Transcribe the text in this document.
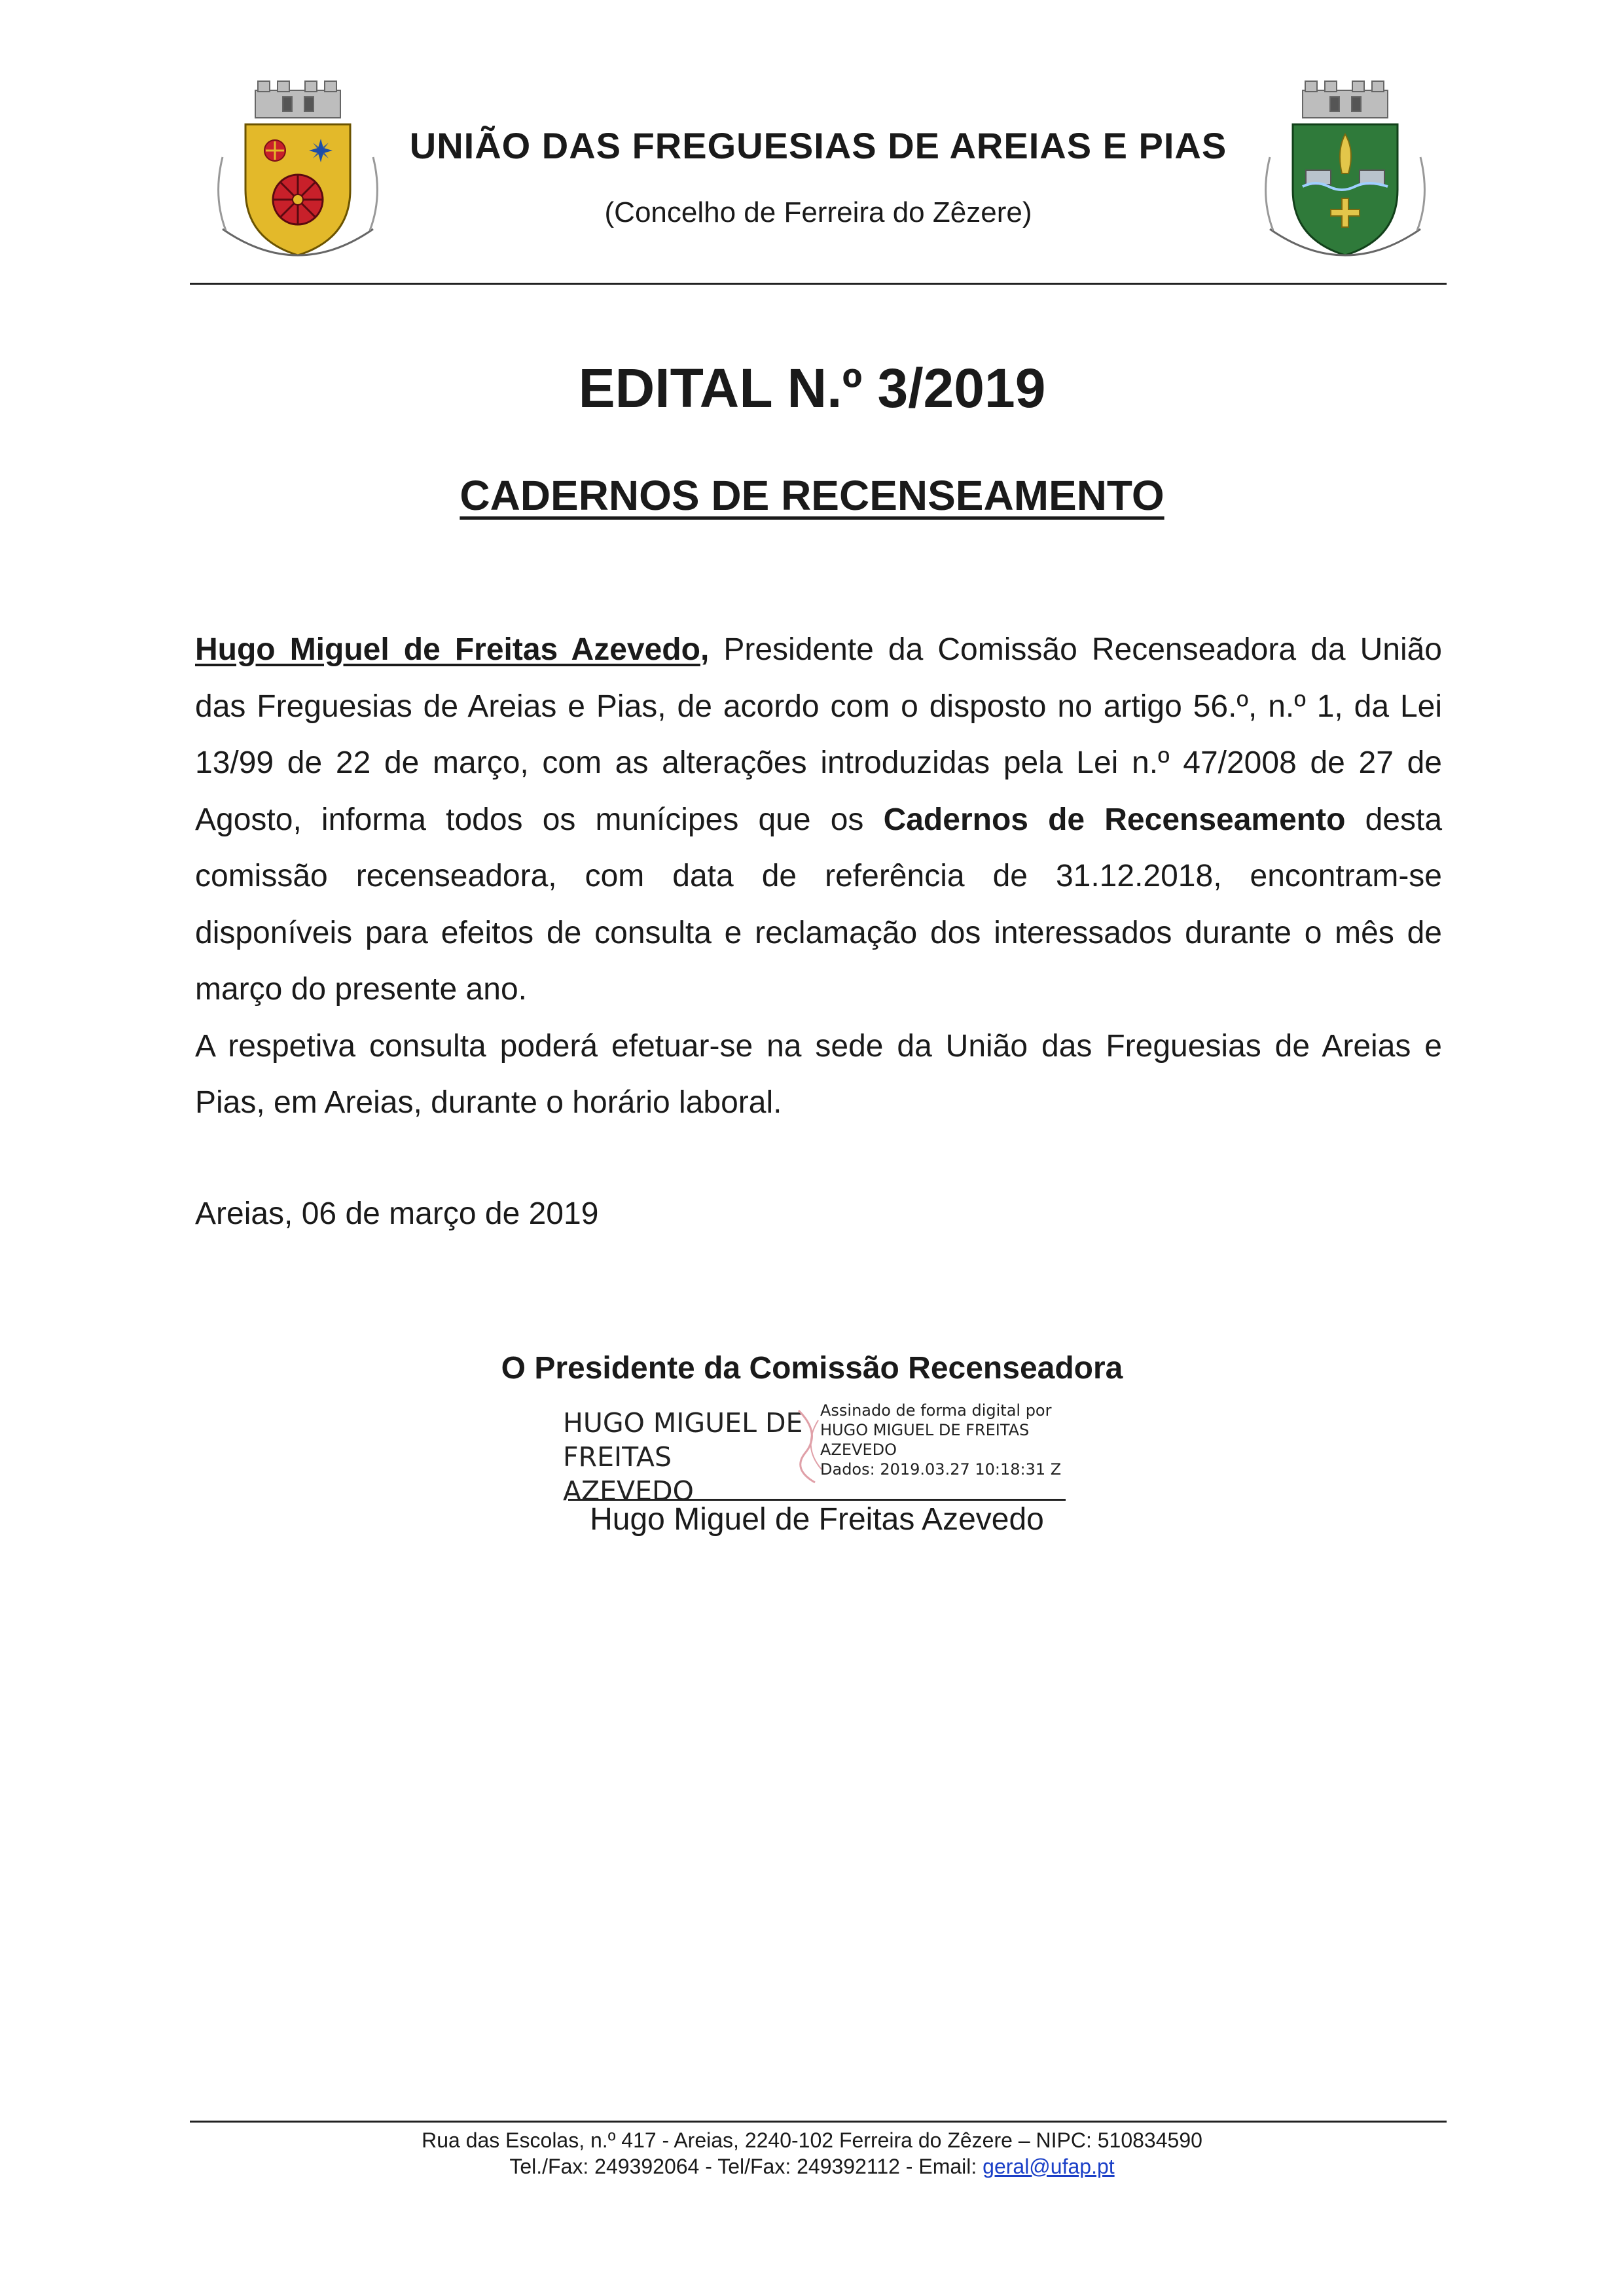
UNIÃO DAS FREGUESIAS DE AREIAS E PIAS
(Concelho de Ferreira do Zêzere)
EDITAL N.º 3/2019
CADERNOS DE RECENSEAMENTO

Hugo Miguel de Freitas Azevedo, Presidente da Comissão Recenseadora da União das Freguesias de Areias e Pias, de acordo com o disposto no artigo 56.º, n.º 1, da Lei 13/99 de 22 de março, com as alterações introduzidas pela Lei n.º 47/2008 de 27 de Agosto, informa todos os munícipes que os Cadernos de Recenseamento desta comissão recenseadora, com data de referência de 31.12.2018, encontram-se disponíveis para efeitos de consulta e reclamação dos interessados durante o mês de março do presente ano.

A respetiva consulta poderá efetuar-se na sede da União das Freguesias de Areias e Pias, em Areias, durante o horário laboral.

Areias, 06 de março de 2019
O Presidente da Comissão Recenseadora
HUGO MIGUEL DE
FREITAS AZEVEDO
Assinado de forma digital por
HUGO MIGUEL DE FREITAS
AZEVEDO
Dados: 2019.03.27 10:18:31 Z
Hugo Miguel de Freitas Azevedo
Rua das Escolas, n.º 417 - Areias, 2240-102 Ferreira do Zêzere – NIPC: 510834590
Tel./Fax: 249392064 - Tel/Fax: 249392112 - Email: geral@ufap.pt
